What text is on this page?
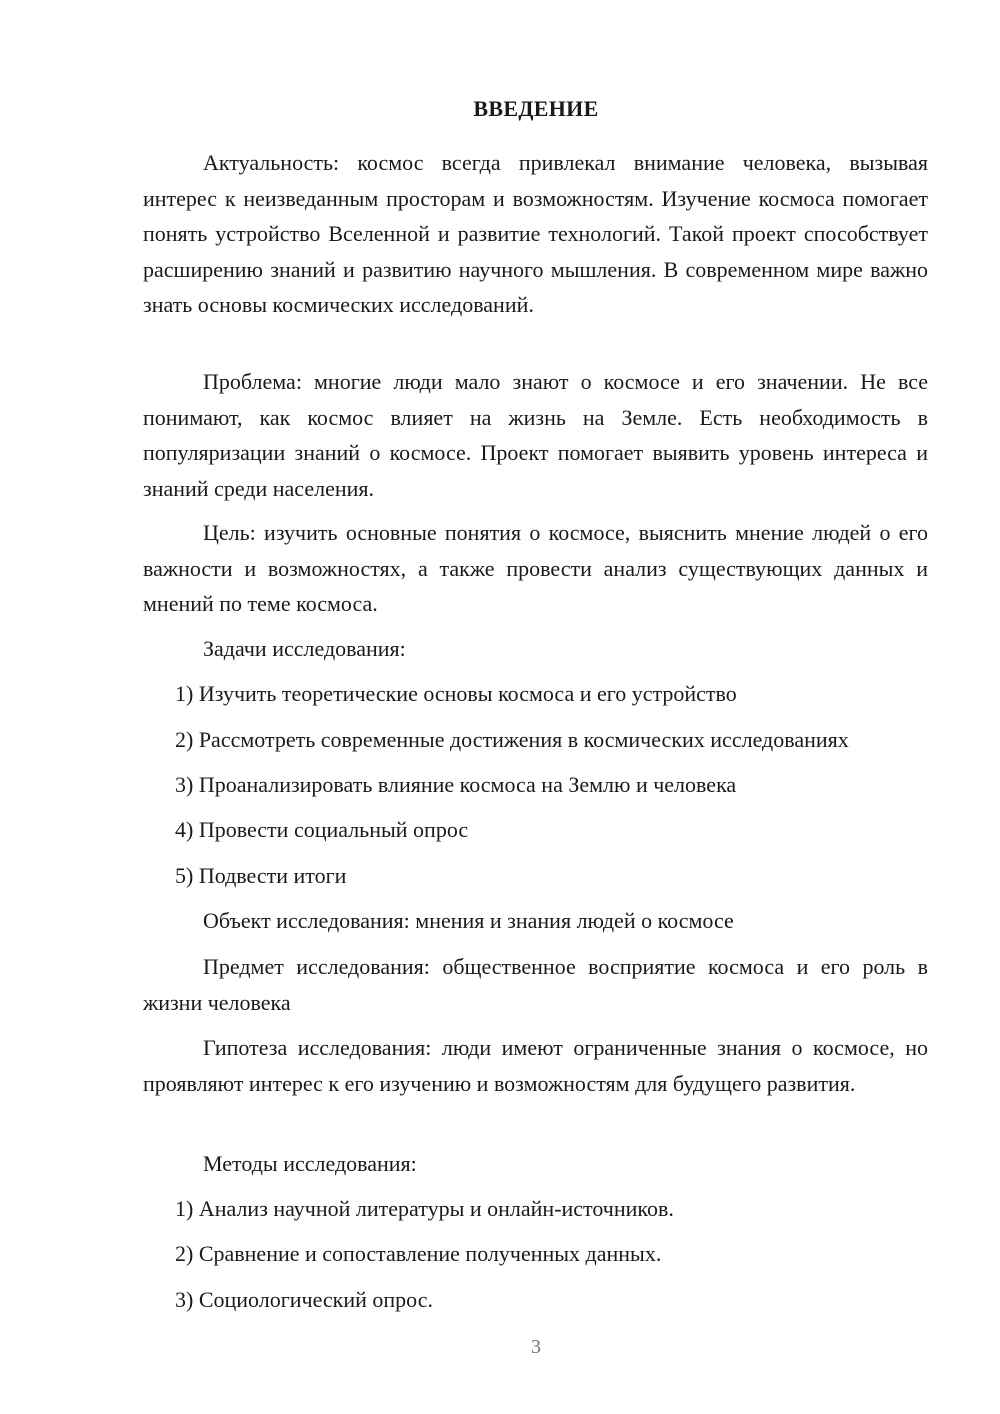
ВВЕДЕНИЕ

Актуальность: космос всегда привлекал внимание человека, вызывая интерес к неизведанным просторам и возможностям. Изучение космоса помогает понять устройство Вселенной и развитие технологий. Такой проект способствует расширению знаний и развитию научного мышления. В современном мире важно знать основы космических исследований.

Проблема: многие люди мало знают о космосе и его значении. Не все понимают, как космос влияет на жизнь на Земле. Есть необходимость в популяризации знаний о космосе. Проект помогает выявить уровень интереса и знаний среди населения.

Цель: изучить основные понятия о космосе, выяснить мнение людей о его важности и возможностях, а также провести анализ существующих данных и мнений по теме космоса.

Задачи исследования:

1) Изучить теоретические основы космоса и его устройство

2) Рассмотреть современные достижения в космических исследованиях

3) Проанализировать влияние космоса на Землю и человека

4) Провести социальный опрос

5) Подвести итоги

Объект исследования: мнения и знания людей о космосе

Предмет исследования: общественное восприятие космоса и его роль в жизни человека

Гипотеза исследования: люди имеют ограниченные знания о космосе, но проявляют интерес к его изучению и возможностям для будущего развития.

Методы исследования:

1) Анализ научной литературы и онлайн-источников.

2) Сравнение и сопоставление полученных данных.

3) Социологический опрос.

3
